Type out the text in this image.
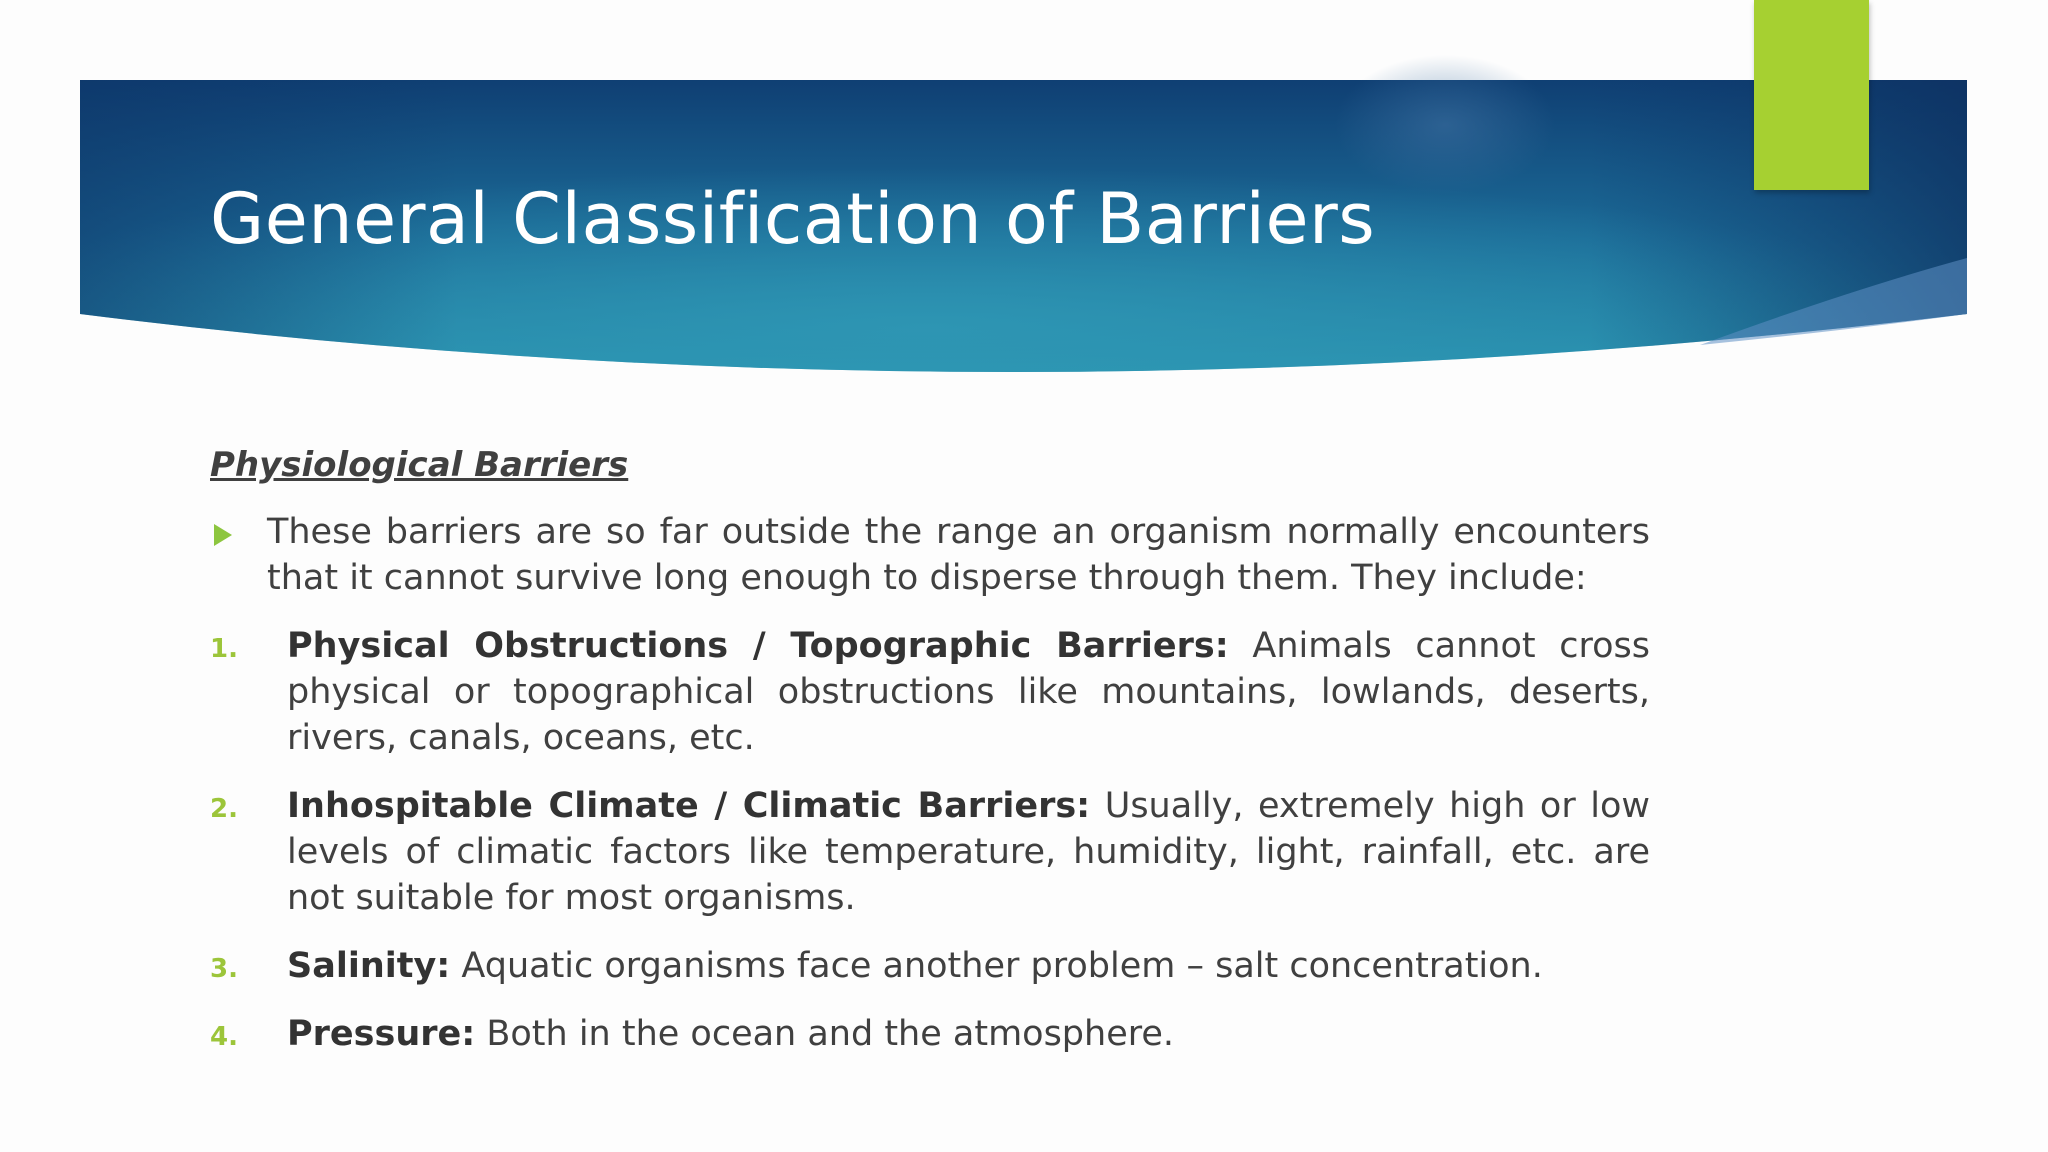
General Classification of Barriers

Physiological Barriers

These barriers are so far outside the range an organism normally encounters that it cannot survive long enough to disperse through them. They include:
1. Physical Obstructions / Topographic Barriers: Animals cannot cross physical or topographical obstructions like mountains, lowlands, deserts, rivers, canals, oceans, etc.
2. Inhospitable Climate / Climatic Barriers: Usually, extremely high or low levels of climatic factors like temperature, humidity, light, rainfall, etc. are not suitable for most organisms.
3. Salinity: Aquatic organisms face another problem – salt concentration.
4. Pressure: Both in the ocean and the atmosphere.
